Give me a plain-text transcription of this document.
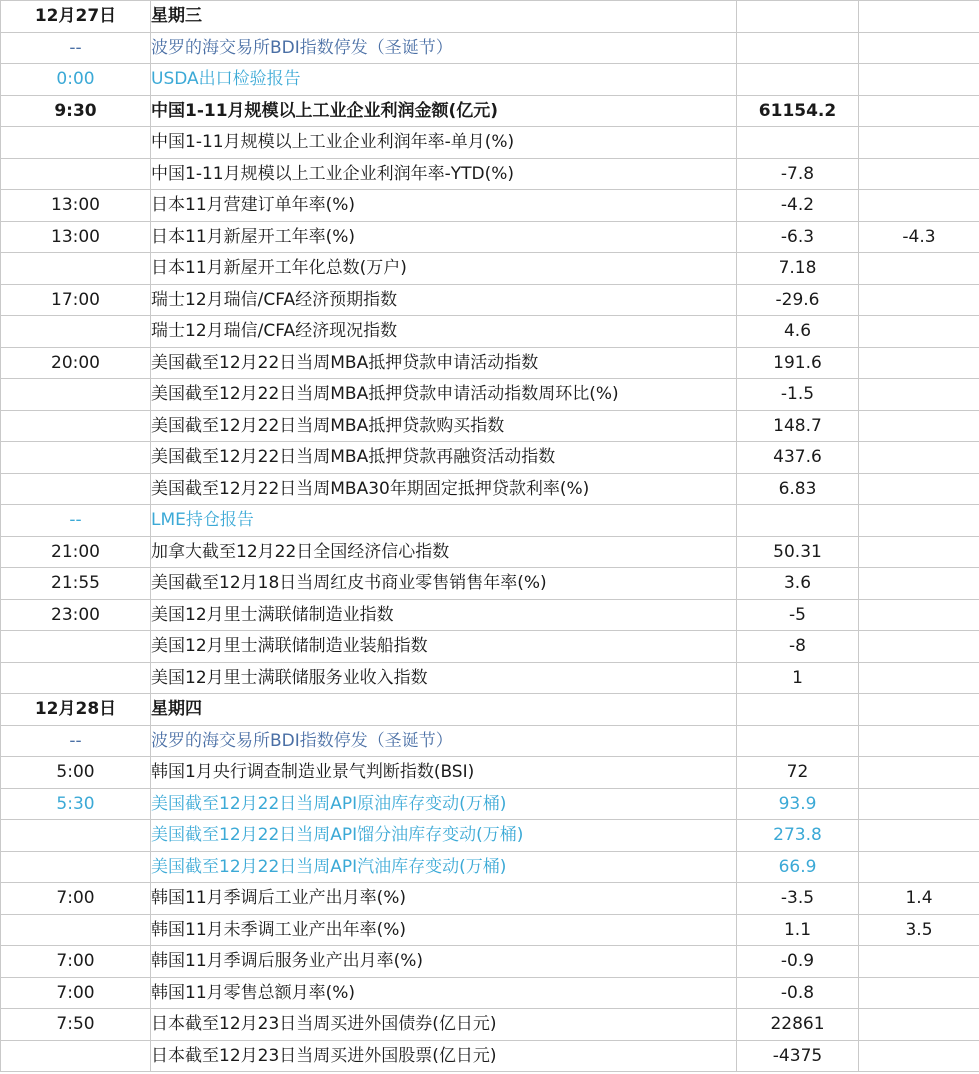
12月27日	星期三		
--	波罗的海交易所BDI指数停发（圣诞节）		
0:00	USDA出口检验报告		
9:30	中国1-11月规模以上工业企业利润金额(亿元)	61154.2	
	中国1-11月规模以上工业企业利润年率-单月(%)		
	中国1-11月规模以上工业企业利润年率-YTD(%)	-7.8	
13:00	日本11月营建订单年率(%)	-4.2	
13:00	日本11月新屋开工年率(%)	-6.3	-4.3
	日本11月新屋开工年化总数(万户)	7.18	
17:00	瑞士12月瑞信/CFA经济预期指数	-29.6	
	瑞士12月瑞信/CFA经济现况指数	4.6	
20:00	美国截至12月22日当周MBA抵押贷款申请活动指数	191.6	
	美国截至12月22日当周MBA抵押贷款申请活动指数周环比(%)	-1.5	
	美国截至12月22日当周MBA抵押贷款购买指数	148.7	
	美国截至12月22日当周MBA抵押贷款再融资活动指数	437.6	
	美国截至12月22日当周MBA30年期固定抵押贷款利率(%)	6.83	
--	LME持仓报告		
21:00	加拿大截至12月22日全国经济信心指数	50.31	
21:55	美国截至12月18日当周红皮书商业零售销售年率(%)	3.6	
23:00	美国12月里士满联储制造业指数	-5	
	美国12月里士满联储制造业装船指数	-8	
	美国12月里士满联储服务业收入指数	1	
12月28日	星期四		
--	波罗的海交易所BDI指数停发（圣诞节）		
5:00	韩国1月央行调查制造业景气判断指数(BSI)	72	
5:30	美国截至12月22日当周API原油库存变动(万桶)	93.9	
	美国截至12月22日当周API馏分油库存变动(万桶)	273.8	
	美国截至12月22日当周API汽油库存变动(万桶)	66.9	
7:00	韩国11月季调后工业产出月率(%)	-3.5	1.4
	韩国11月未季调工业产出年率(%)	1.1	3.5
7:00	韩国11月季调后服务业产出月率(%)	-0.9	
7:00	韩国11月零售总额月率(%)	-0.8	
7:50	日本截至12月23日当周买进外国债券(亿日元)	22861	
	日本截至12月23日当周买进外国股票(亿日元)	-4375	
